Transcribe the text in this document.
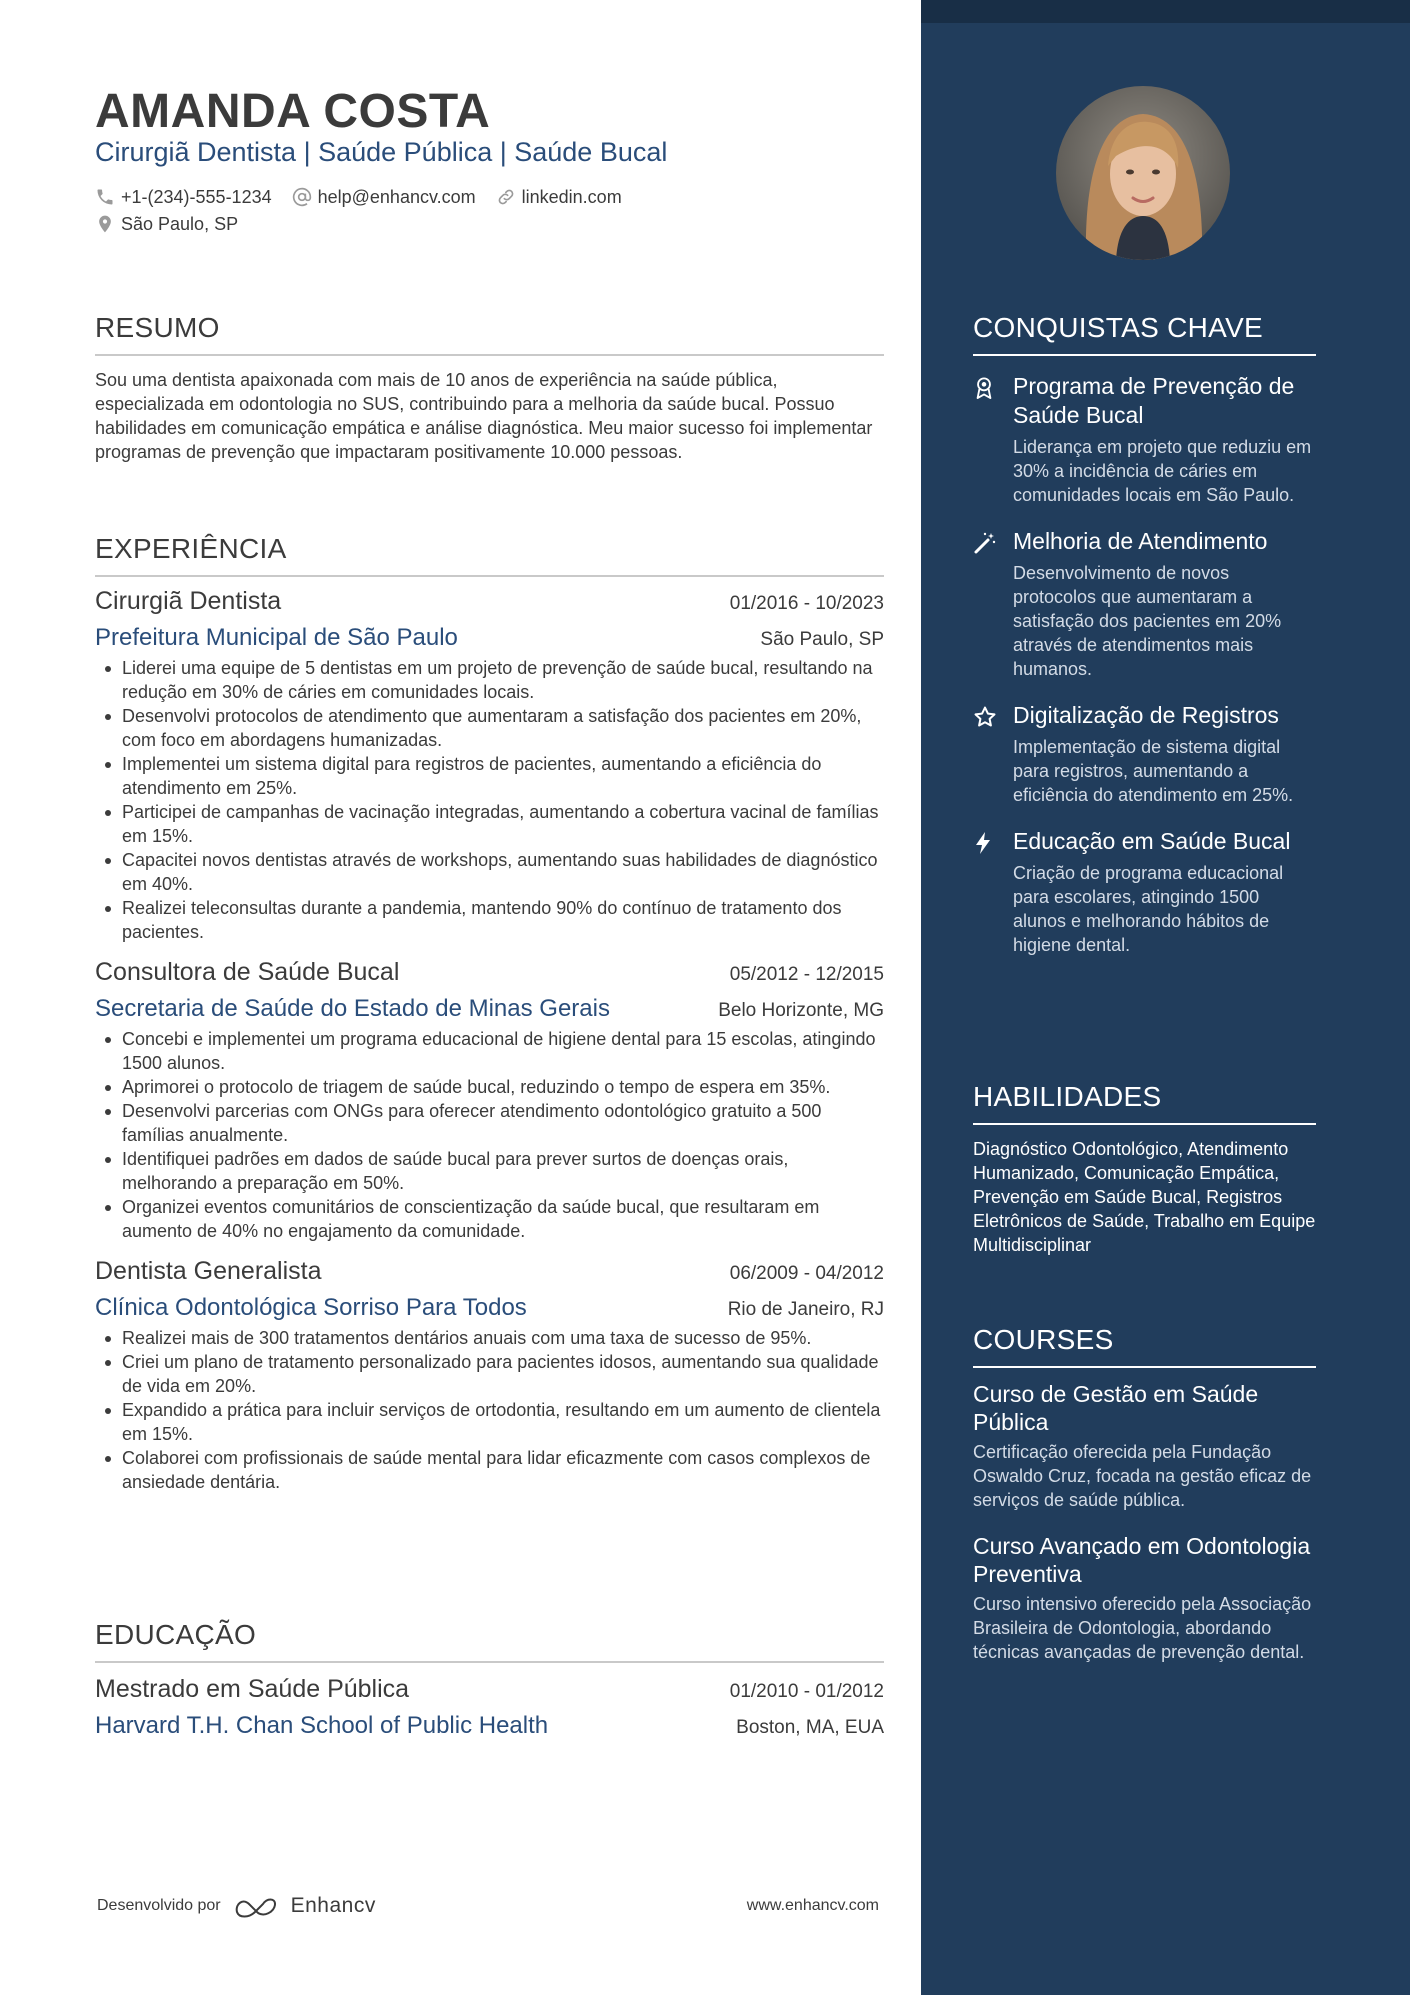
AMANDA COSTA
Cirurgiã Dentista | Saúde Pública | Saúde Bucal
+1-(234)-555-1234	help@enhancv.com	linkedin.com
São Paulo, SP
RESUMO
Sou uma dentista apaixonada com mais de 10 anos de experiência na saúde pública, especializada em odontologia no SUS, contribuindo para a melhoria da saúde bucal. Possuo habilidades em comunicação empática e análise diagnóstica. Meu maior sucesso foi implementar programas de prevenção que impactaram positivamente 10.000 pessoas.
EXPERIÊNCIA
Cirurgiã Dentista	01/2016 - 10/2023
Prefeitura Municipal de São Paulo	São Paulo, SP
Liderei uma equipe de 5 dentistas em um projeto de prevenção de saúde bucal, resultando na redução em 30% de cáries em comunidades locais.
Desenvolvi protocolos de atendimento que aumentaram a satisfação dos pacientes em 20%, com foco em abordagens humanizadas.
Implementei um sistema digital para registros de pacientes, aumentando a eficiência do atendimento em 25%.
Participei de campanhas de vacinação integradas, aumentando a cobertura vacinal de famílias em 15%.
Capacitei novos dentistas através de workshops, aumentando suas habilidades de diagnóstico em 40%.
Realizei teleconsultas durante a pandemia, mantendo 90% do contínuo de tratamento dos pacientes.
Consultora de Saúde Bucal	05/2012 - 12/2015
Secretaria de Saúde do Estado de Minas Gerais	Belo Horizonte, MG
Concebi e implementei um programa educacional de higiene dental para 15 escolas, atingindo 1500 alunos.
Aprimorei o protocolo de triagem de saúde bucal, reduzindo o tempo de espera em 35%.
Desenvolvi parcerias com ONGs para oferecer atendimento odontológico gratuito a 500 famílias anualmente.
Identifiquei padrões em dados de saúde bucal para prever surtos de doenças orais, melhorando a preparação em 50%.
Organizei eventos comunitários de conscientização da saúde bucal, que resultaram em aumento de 40% no engajamento da comunidade.
Dentista Generalista	06/2009 - 04/2012
Clínica Odontológica Sorriso Para Todos	Rio de Janeiro, RJ
Realizei mais de 300 tratamentos dentários anuais com uma taxa de sucesso de 95%.
Criei um plano de tratamento personalizado para pacientes idosos, aumentando sua qualidade de vida em 20%.
Expandido a prática para incluir serviços de ortodontia, resultando em um aumento de clientela em 15%.
Colaborei com profissionais de saúde mental para lidar eficazmente com casos complexos de ansiedade dentária.
EDUCAÇÃO
Mestrado em Saúde Pública	01/2010 - 01/2012
Harvard T.H. Chan School of Public Health	Boston, MA, EUA
Desenvolvido por	Enhancv	www.enhancv.com
CONQUISTAS CHAVE
Programa de Prevenção de Saúde Bucal
Liderança em projeto que reduziu em 30% a incidência de cáries em comunidades locais em São Paulo.
Melhoria de Atendimento
Desenvolvimento de novos protocolos que aumentaram a satisfação dos pacientes em 20% através de atendimentos mais humanos.
Digitalização de Registros
Implementação de sistema digital para registros, aumentando a eficiência do atendimento em 25%.
Educação em Saúde Bucal
Criação de programa educacional para escolares, atingindo 1500 alunos e melhorando hábitos de higiene dental.
HABILIDADES
Diagnóstico Odontológico, Atendimento Humanizado, Comunicação Empática, Prevenção em Saúde Bucal, Registros Eletrônicos de Saúde, Trabalho em Equipe Multidisciplinar
COURSES
Curso de Gestão em Saúde Pública
Certificação oferecida pela Fundação Oswaldo Cruz, focada na gestão eficaz de serviços de saúde pública.
Curso Avançado em Odontologia Preventiva
Curso intensivo oferecido pela Associação Brasileira de Odontologia, abordando técnicas avançadas de prevenção dental.
